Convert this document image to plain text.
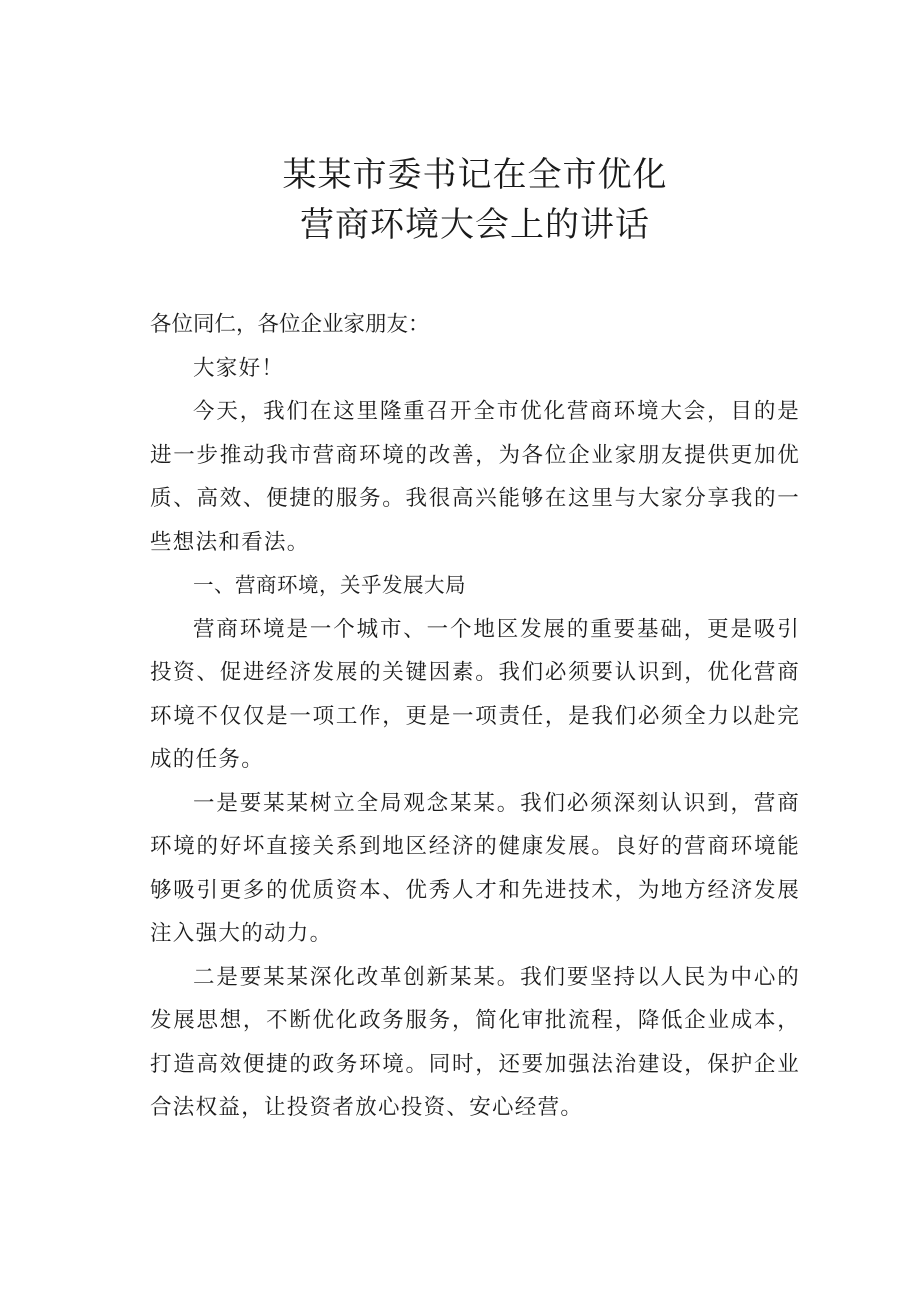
某某市委书记在全市优化
营商环境大会上的讲话
各位同仁，各位企业家朋友：

大家好！

今天，我们在这里隆重召开全市优化营商环境大会，目的是进一步推动我市营商环境的改善，为各位企业家朋友提供更加优质、高效、便捷的服务。我很高兴能够在这里与大家分享我的一些想法和看法。

一、营商环境，关乎发展大局

营商环境是一个城市、一个地区发展的重要基础，更是吸引投资、促进经济发展的关键因素。我们必须要认识到，优化营商环境不仅仅是一项工作，更是一项责任，是我们必须全力以赴完成的任务。

一是要某某树立全局观念某某。我们必须深刻认识到，营商环境的好坏直接关系到地区经济的健康发展。良好的营商环境能够吸引更多的优质资本、优秀人才和先进技术，为地方经济发展注入强大的动力。

二是要某某深化改革创新某某。我们要坚持以人民为中心的发展思想，不断优化政务服务，简化审批流程，降低企业成本，打造高效便捷的政务环境。同时，还要加强法治建设，保护企业合法权益，让投资者放心投资、安心经营。
